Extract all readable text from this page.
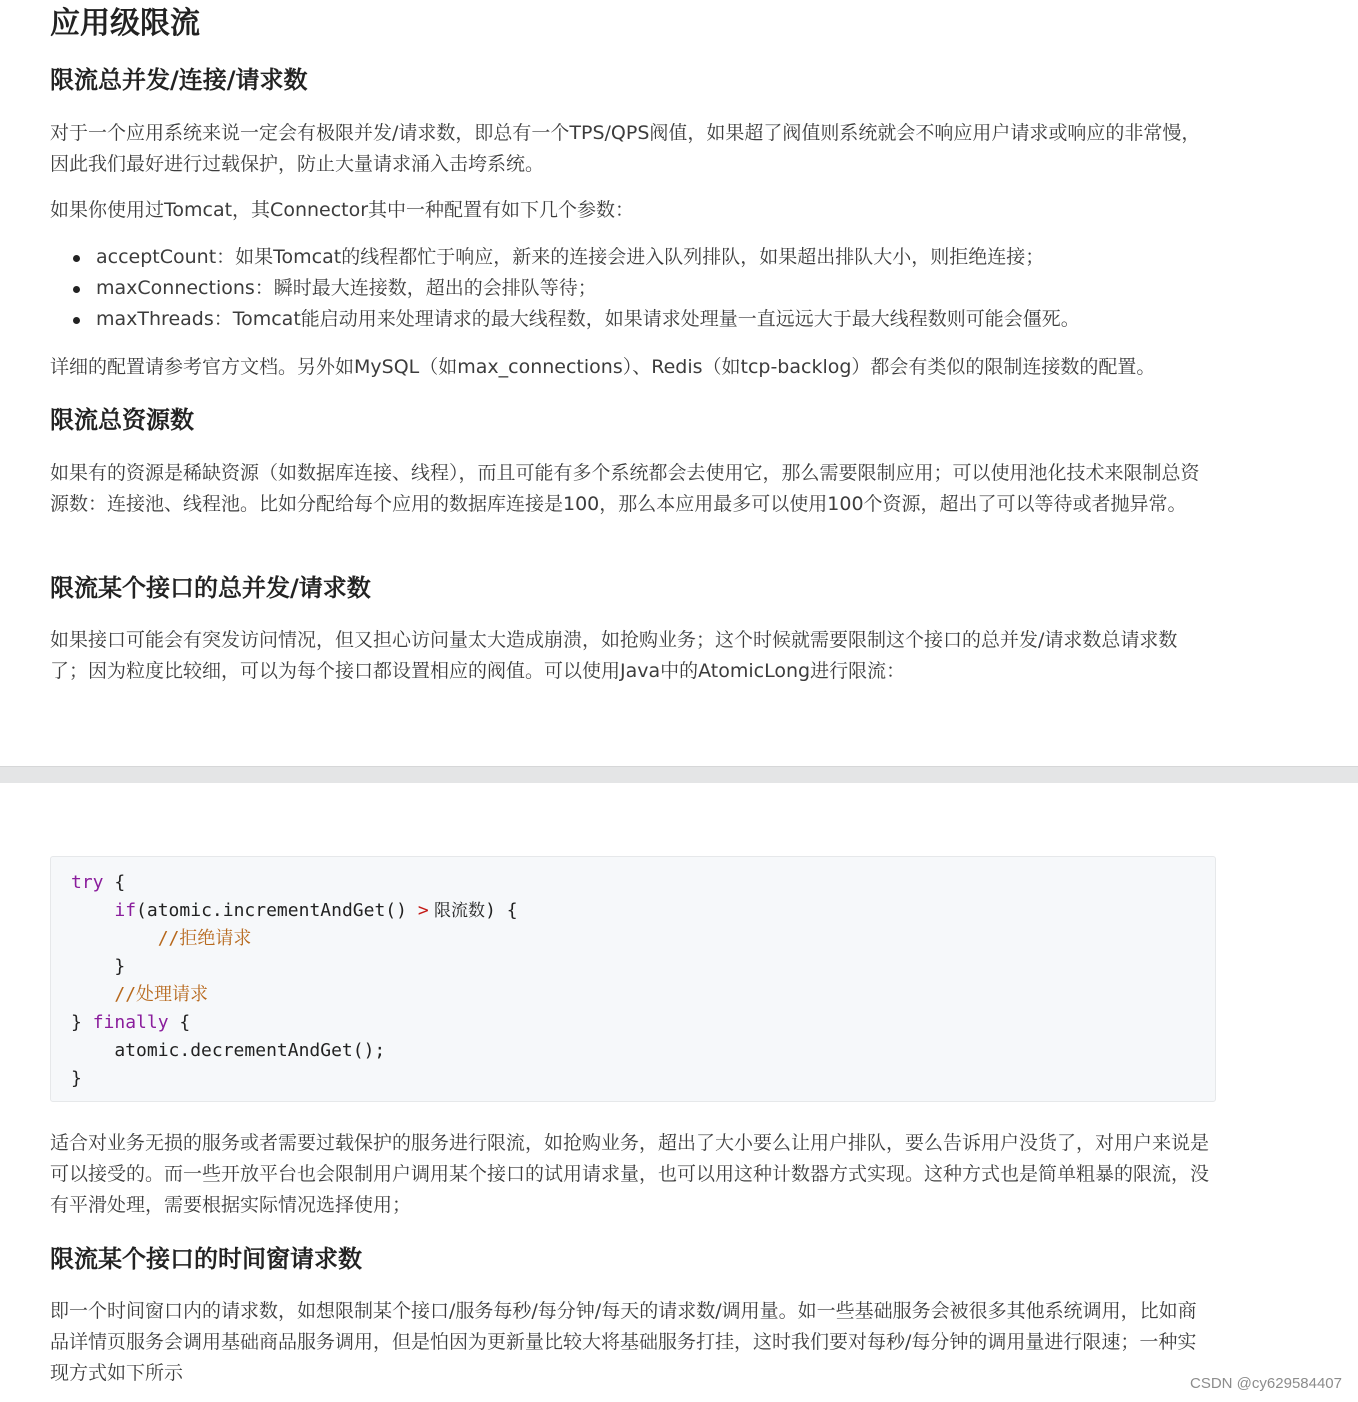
应用级限流
限流总并发/连接/请求数

对于一个应用系统来说一定会有极限并发/请求数，即总有一个TPS/QPS阀值，如果超了阀值则系统就会不响应用户请求或响应的非常慢，因此我们最好进行过载保护，防止大量请求涌入击垮系统。

如果你使用过Tomcat，其Connector其中一种配置有如下几个参数：

acceptCount：如果Tomcat的线程都忙于响应，新来的连接会进入队列排队，如果超出排队大小，则拒绝连接；
maxConnections：瞬时最大连接数，超出的会排队等待；
maxThreads：Tomcat能启动用来处理请求的最大线程数，如果请求处理量一直远远大于最大线程数则可能会僵死。

详细的配置请参考官方文档。另外如MySQL（如max_connections）、Redis（如tcp-backlog）都会有类似的限制连接数的配置。

限流总资源数

如果有的资源是稀缺资源（如数据库连接、线程），而且可能有多个系统都会去使用它，那么需要限制应用；可以使用池化技术来限制总资源数：连接池、线程池。比如分配给每个应用的数据库连接是100，那么本应用最多可以使用100个资源，超出了可以等待或者抛异常。

限流某个接口的总并发/请求数

如果接口可能会有突发访问情况，但又担心访问量太大造成崩溃，如抢购业务；这个时候就需要限制这个接口的总并发/请求数总请求数了；因为粒度比较细，可以为每个接口都设置相应的阀值。可以使用Java中的AtomicLong进行限流：

try {
if(atomic.incrementAndGet() > 限流数) {
//拒绝请求
}
//处理请求
} finally {
atomic.decrementAndGet();
}

适合对业务无损的服务或者需要过载保护的服务进行限流，如抢购业务，超出了大小要么让用户排队，要么告诉用户没货了，对用户来说是可以接受的。而一些开放平台也会限制用户调用某个接口的试用请求量，也可以用这种计数器方式实现。这种方式也是简单粗暴的限流，没有平滑处理，需要根据实际情况选择使用；

限流某个接口的时间窗请求数

即一个时间窗口内的请求数，如想限制某个接口/服务每秒/每分钟/每天的请求数/调用量。如一些基础服务会被很多其他系统调用，比如商品详情页服务会调用基础商品服务调用，但是怕因为更新量比较大将基础服务打挂，这时我们要对每秒/每分钟的调用量进行限速；一种实现方式如下所示	CSDN @cy629584407
